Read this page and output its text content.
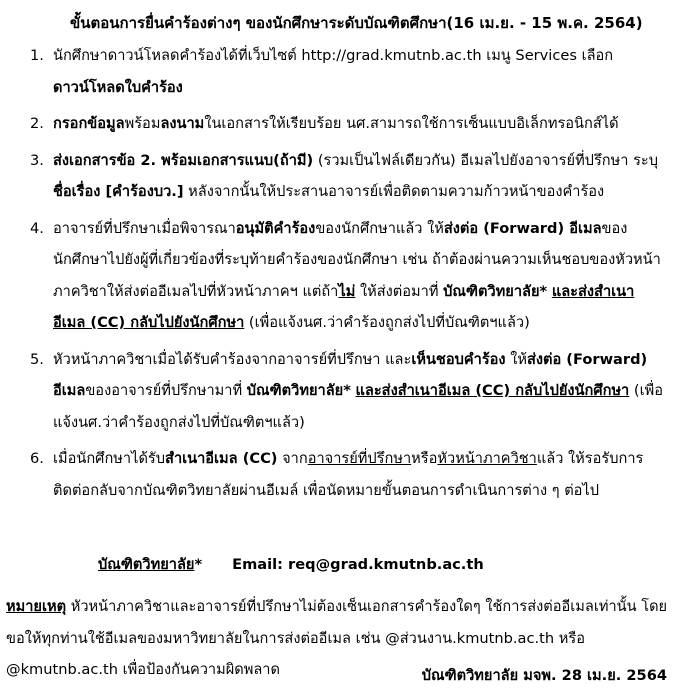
ขั้นตอนการยื่นคำร้องต่างๆ ของนักศึกษาระดับบัณฑิตศึกษา(16 เม.ย. - 15 พ.ค. 2564)
1. นักศึกษาดาวน์โหลดคำร้องได้ที่เว็บไซต์ http://grad.kmutnb.ac.th เมนู Services เลือก ดาวน์โหลดใบคำร้อง
2. กรอกข้อมูลพร้อมลงนามในเอกสารให้เรียบร้อย นศ.สามารถใช้การเซ็นแบบอิเล็กทรอนิกส์ได้
3. ส่งเอกสารข้อ 2. พร้อมเอกสารแนบ(ถ้ามี) (รวมเป็นไฟล์เดียวกัน) อีเมลไปยังอาจารย์ที่ปรึกษา ระบุชื่อเรื่อง [คำร้องบว.] หลังจากนั้นให้ประสานอาจารย์เพื่อติดตามความก้าวหน้าของคำร้อง
4. อาจารย์ที่ปรึกษาเมื่อพิจารณาอนุมัติคำร้องของนักศึกษาแล้ว ให้ส่งต่อ (Forward) อีเมลของนักศึกษาไปยังผู้ที่เกี่ยวข้องที่ระบุท้ายคำร้องของนักศึกษา เช่น ถ้าต้องผ่านความเห็นชอบของหัวหน้าภาควิชาให้ส่งต่ออีเมลไปที่หัวหน้าภาคฯ แต่ถ้าไม่ ให้ส่งต่อมาที่ บัณฑิตวิทยาลัย* และส่งสำเนาอีเมล (CC) กลับไปยังนักศึกษา (เพื่อแจ้งนศ.ว่าคำร้องถูกส่งไปที่บัณฑิตฯแล้ว)
5. หัวหน้าภาควิชาเมื่อได้รับคำร้องจากอาจารย์ที่ปรึกษา และเห็นชอบคำร้อง ให้ส่งต่อ (Forward) อีเมลของอาจารย์ที่ปรึกษามาที่ บัณฑิตวิทยาลัย* และส่งสำเนาอีเมล (CC) กลับไปยังนักศึกษา (เพื่อแจ้งนศ.ว่าคำร้องถูกส่งไปที่บัณฑิตฯแล้ว)
6. เมื่อนักศึกษาได้รับสำเนาอีเมล (CC) จากอาจารย์ที่ปรึกษาหรือหัวหน้าภาควิชาแล้ว ให้รอรับการติดต่อกลับจากบัณฑิตวิทยาลัยผ่านอีเมล์ เพื่อนัดหมายขั้นตอนการดำเนินการต่าง ๆ ต่อไป
บัณฑิตวิทยาลัย* Email: req@grad.kmutnb.ac.th
หมายเหตุ หัวหน้าภาควิชาและอาจารย์ที่ปรึกษาไม่ต้องเซ็นเอกสารคำร้องใดๆ ใช้การส่งต่ออีเมลเท่านั้น โดยขอให้ทุกท่านใช้อีเมลของมหาวิทยาลัยในการส่งต่ออีเมล เช่น @ส่วนงาน.kmutnb.ac.th หรือ @kmutnb.ac.th เพื่อป้องกันความผิดพลาด	บัณฑิตวิทยาลัย มจพ. 28 เม.ย. 2564
